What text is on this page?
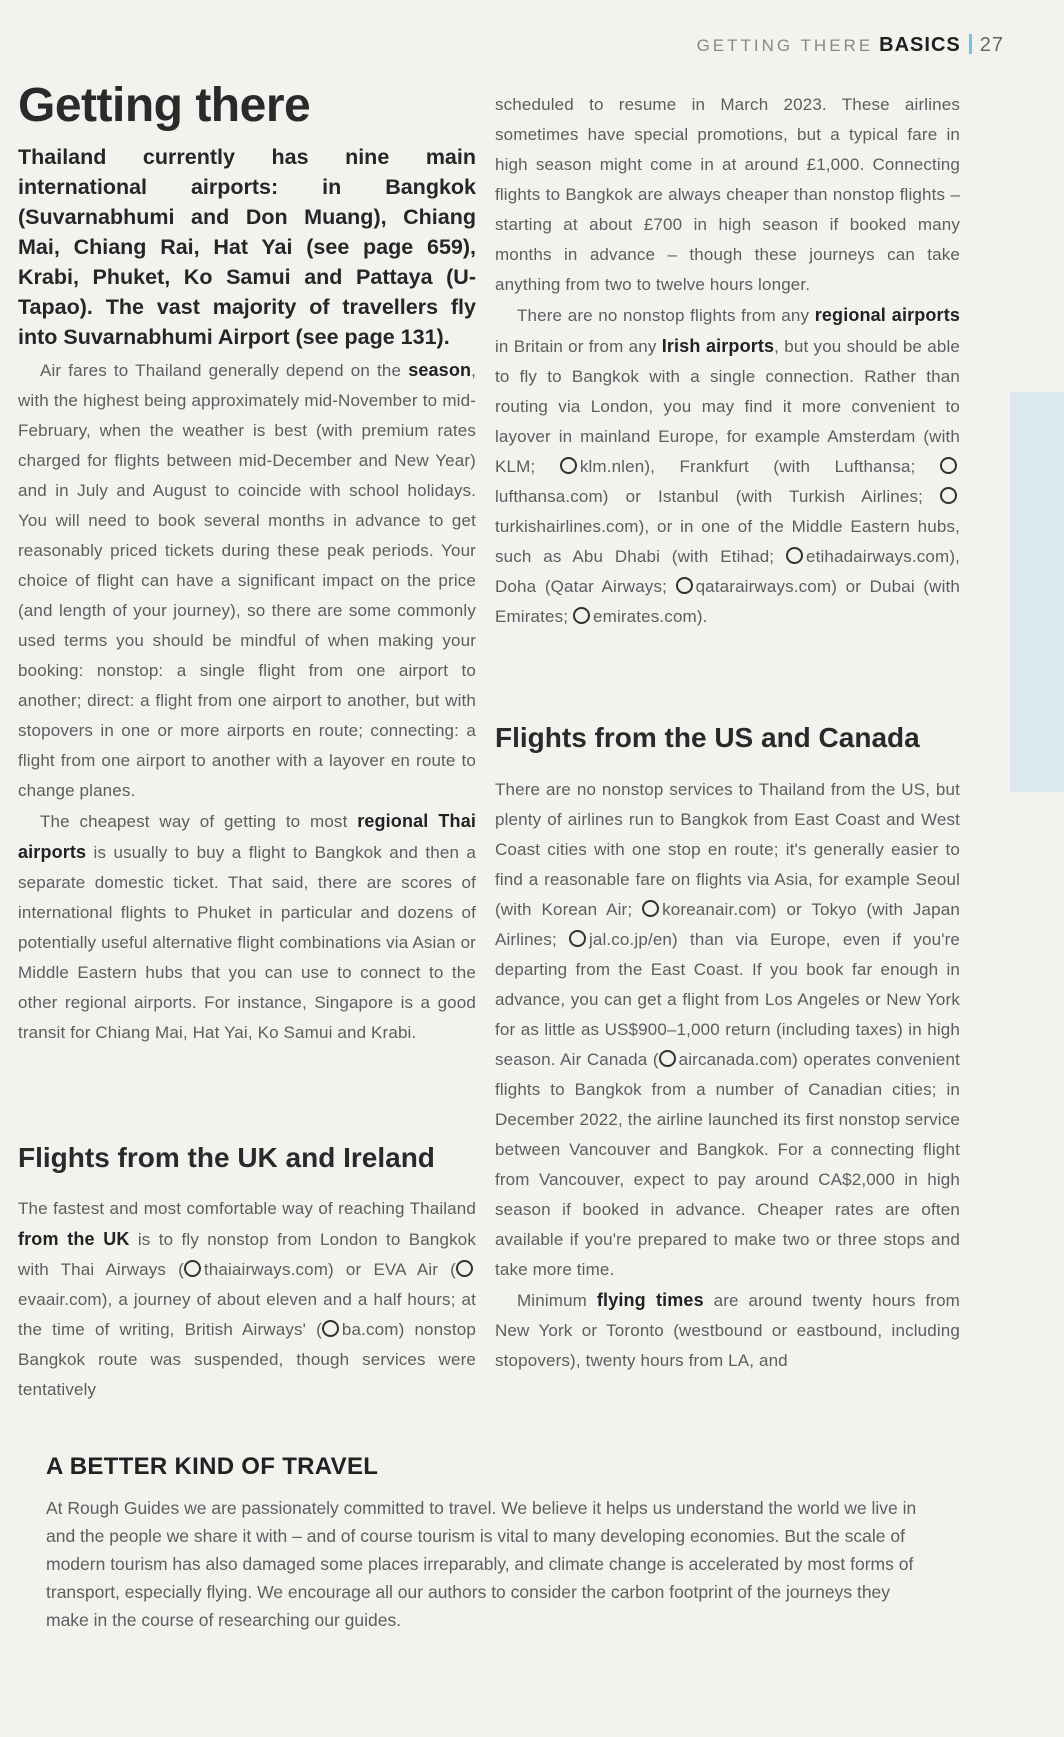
GETTING THERE BASICS 27
Getting there

Thailand currently has nine main international airports: in Bangkok (Suvarnabhumi and Don Muang), Chiang Mai, Chiang Rai, Hat Yai (see page 659), Krabi, Phuket, Ko Samui and Pattaya (U-Tapao). The vast majority of travellers fly into Suvarnabhumi Airport (see page 131).

Air fares to Thailand generally depend on the season, with the highest being approximately mid-November to mid-February, when the weather is best (with premium rates charged for flights between mid-December and New Year) and in July and August to coincide with school holidays. You will need to book several months in advance to get reasonably priced tickets during these peak periods. Your choice of flight can have a significant impact on the price (and length of your journey), so there are some commonly used terms you should be mindful of when making your booking: nonstop: a single flight from one airport to another; direct: a flight from one airport to another, but with stopovers in one or more airports en route; connecting: a flight from one airport to another with a layover en route to change planes.

The cheapest way of getting to most regional Thai airports is usually to buy a flight to Bangkok and then a separate domestic ticket. That said, there are scores of international flights to Phuket in particular and dozens of potentially useful alternative flight combinations via Asian or Middle Eastern hubs that you can use to connect to the other regional airports. For instance, Singapore is a good transit for Chiang Mai, Hat Yai, Ko Samui and Krabi.

Flights from the UK and Ireland

The fastest and most comfortable way of reaching Thailand from the UK is to fly nonstop from London to Bangkok with Thai Airways ( thaiairways.com) or EVA Air (evaair.com), a journey of about eleven and a half hours; at the time of writing, British Airways' ( ba.com) nonstop Bangkok route was suspended, though services were tentatively

scheduled to resume in March 2023. These airlines sometimes have special promotions, but a typical fare in high season might come in at around £1,000. Connecting flights to Bangkok are always cheaper than nonstop flights – starting at about £700 in high season if booked many months in advance – though these journeys can take anything from two to twelve hours longer.

There are no nonstop flights from any regional airports in Britain or from any Irish airports, but you should be able to fly to Bangkok with a single connection. Rather than routing via London, you may find it more convenient to layover in mainland Europe, for example Amsterdam (with KLM; klm.nlen), Frankfurt (with Lufthansa; lufthansa.com) or Istanbul (with Turkish Airlines; turkishairlines.com), or in one of the Middle Eastern hubs, such as Abu Dhabi (with Etihad; etihadairways.com), Doha (Qatar Airways; qatarairways.com) or Dubai (with Emirates; emirates.com).

Flights from the US and Canada

There are no nonstop services to Thailand from the US, but plenty of airlines run to Bangkok from East Coast and West Coast cities with one stop en route; it's generally easier to find a reasonable fare on flights via Asia, for example Seoul (with Korean Air; koreanair.com) or Tokyo (with Japan Airlines; jal.co.jp/en) than via Europe, even if you're departing from the East Coast. If you book far enough in advance, you can get a flight from Los Angeles or New York for as little as US$900–1,000 return (including taxes) in high season. Air Canada ( aircanada.com) operates convenient flights to Bangkok from a number of Canadian cities; in December 2022, the airline launched its first nonstop service between Vancouver and Bangkok. For a connecting flight from Vancouver, expect to pay around CA$2,000 in high season if booked in advance. Cheaper rates are often available if you're prepared to make two or three stops and take more time.

Minimum flying times are around twenty hours from New York or Toronto (westbound or eastbound, including stopovers), twenty hours from LA, and

A BETTER KIND OF TRAVEL

At Rough Guides we are passionately committed to travel. We believe it helps us understand the world we live in and the people we share it with – and of course tourism is vital to many developing economies. But the scale of modern tourism has also damaged some places irreparably, and climate change is accelerated by most forms of transport, especially flying. We encourage all our authors to consider the carbon footprint of the journeys they make in the course of researching our guides.
